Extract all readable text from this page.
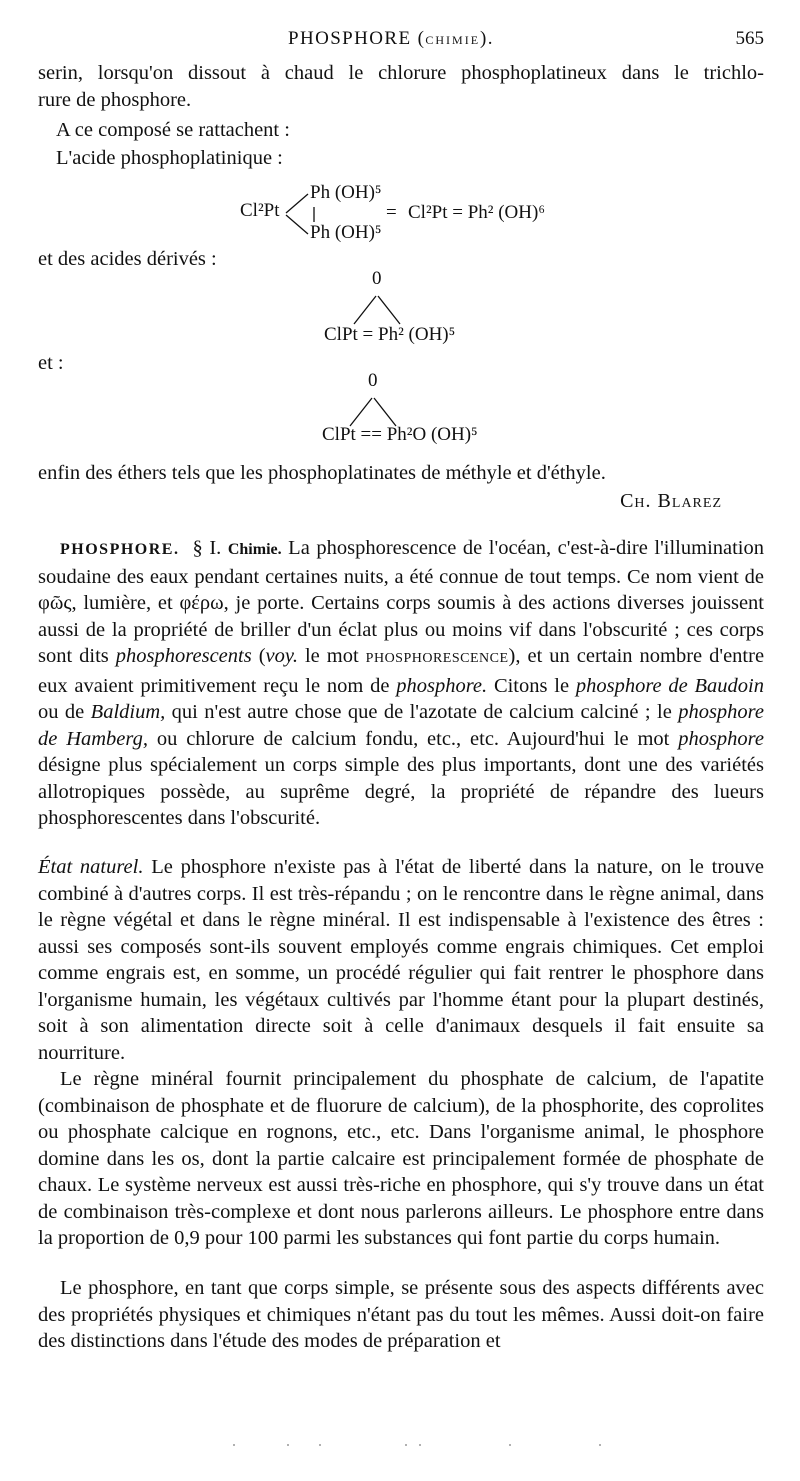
PHOSPHORE (CHIMIE).	565
serin, lorsqu'on dissout à chaud le chlorure phosphoplatineux dans le trichlo-
rure de phosphore.
A ce composé se rattachent :
L'acide phosphoplatinique :
Cl²Pt
Ph (OH)⁵
Ph (OH)⁵
= Cl²Pt = Ph² (OH)⁶
et des acides dérivés :
0
ClPt = Ph² (OH)⁵
et :
0
ClPt == Ph²O (OH)⁵
enfin des éthers tels que les phosphoplatinates de méthyle et d'éthyle.
Ch. Blarez

PHOSPHORE. § I. Chimie. La phosphorescence de l'océan, c'est-à-dire l'illumination soudaine des eaux pendant certaines nuits, a été connue de tout temps. Ce nom vient de φῶς, lumière, et φέρω, je porte. Certains corps soumis à des actions diverses jouissent aussi de la propriété de briller d'un éclat plus ou moins vif dans l'obscurité ; ces corps sont dits phosphorescents (voy. le mot PHOSPHORESCENCE), et un certain nombre d'entre eux avaient primitivement reçu le nom de phosphore. Citons le phosphore de Baudoin ou de Baldium, qui n'est autre chose que de l'azotate de calcium calciné ; le phosphore de Hamberg, ou chlorure de calcium fondu, etc., etc. Aujourd'hui le mot phosphore désigne plus spécialement un corps simple des plus importants, dont une des variétés allotropiques possède, au suprême degré, la propriété de répandre des lueurs phosphorescentes dans l'obscurité.

État naturel. Le phosphore n'existe pas à l'état de liberté dans la nature, on le trouve combiné à d'autres corps. Il est très-répandu ; on le rencontre dans le règne animal, dans le règne végétal et dans le règne minéral. Il est indispensable à l'existence des êtres : aussi ses composés sont-ils souvent employés comme engrais chimiques. Cet emploi comme engrais est, en somme, un procédé régulier qui fait rentrer le phosphore dans l'organisme humain, les végétaux cultivés par l'homme étant pour la plupart destinés, soit à son alimentation directe soit à celle d'animaux desquels il fait ensuite sa nourriture.

Le règne minéral fournit principalement du phosphate de calcium, de l'apatite (combinaison de phosphate et de fluorure de calcium), de la phosphorite, des coprolites ou phosphate calcique en rognons, etc., etc. Dans l'organisme animal, le phosphore domine dans les os, dont la partie calcaire est principalement formée de phosphate de chaux. Le système nerveux est aussi très-riche en phosphore, qui s'y trouve dans un état de combinaison très-complexe et dont nous parlerons ailleurs. Le phosphore entre dans la proportion de 0,9 pour 100 parmi les substances qui font partie du corps humain.

Le phosphore, en tant que corps simple, se présente sous des aspects différents avec des propriétés physiques et chimiques n'étant pas du tout les mêmes. Aussi doit-on faire des distinctions dans l'étude des modes de préparation et
